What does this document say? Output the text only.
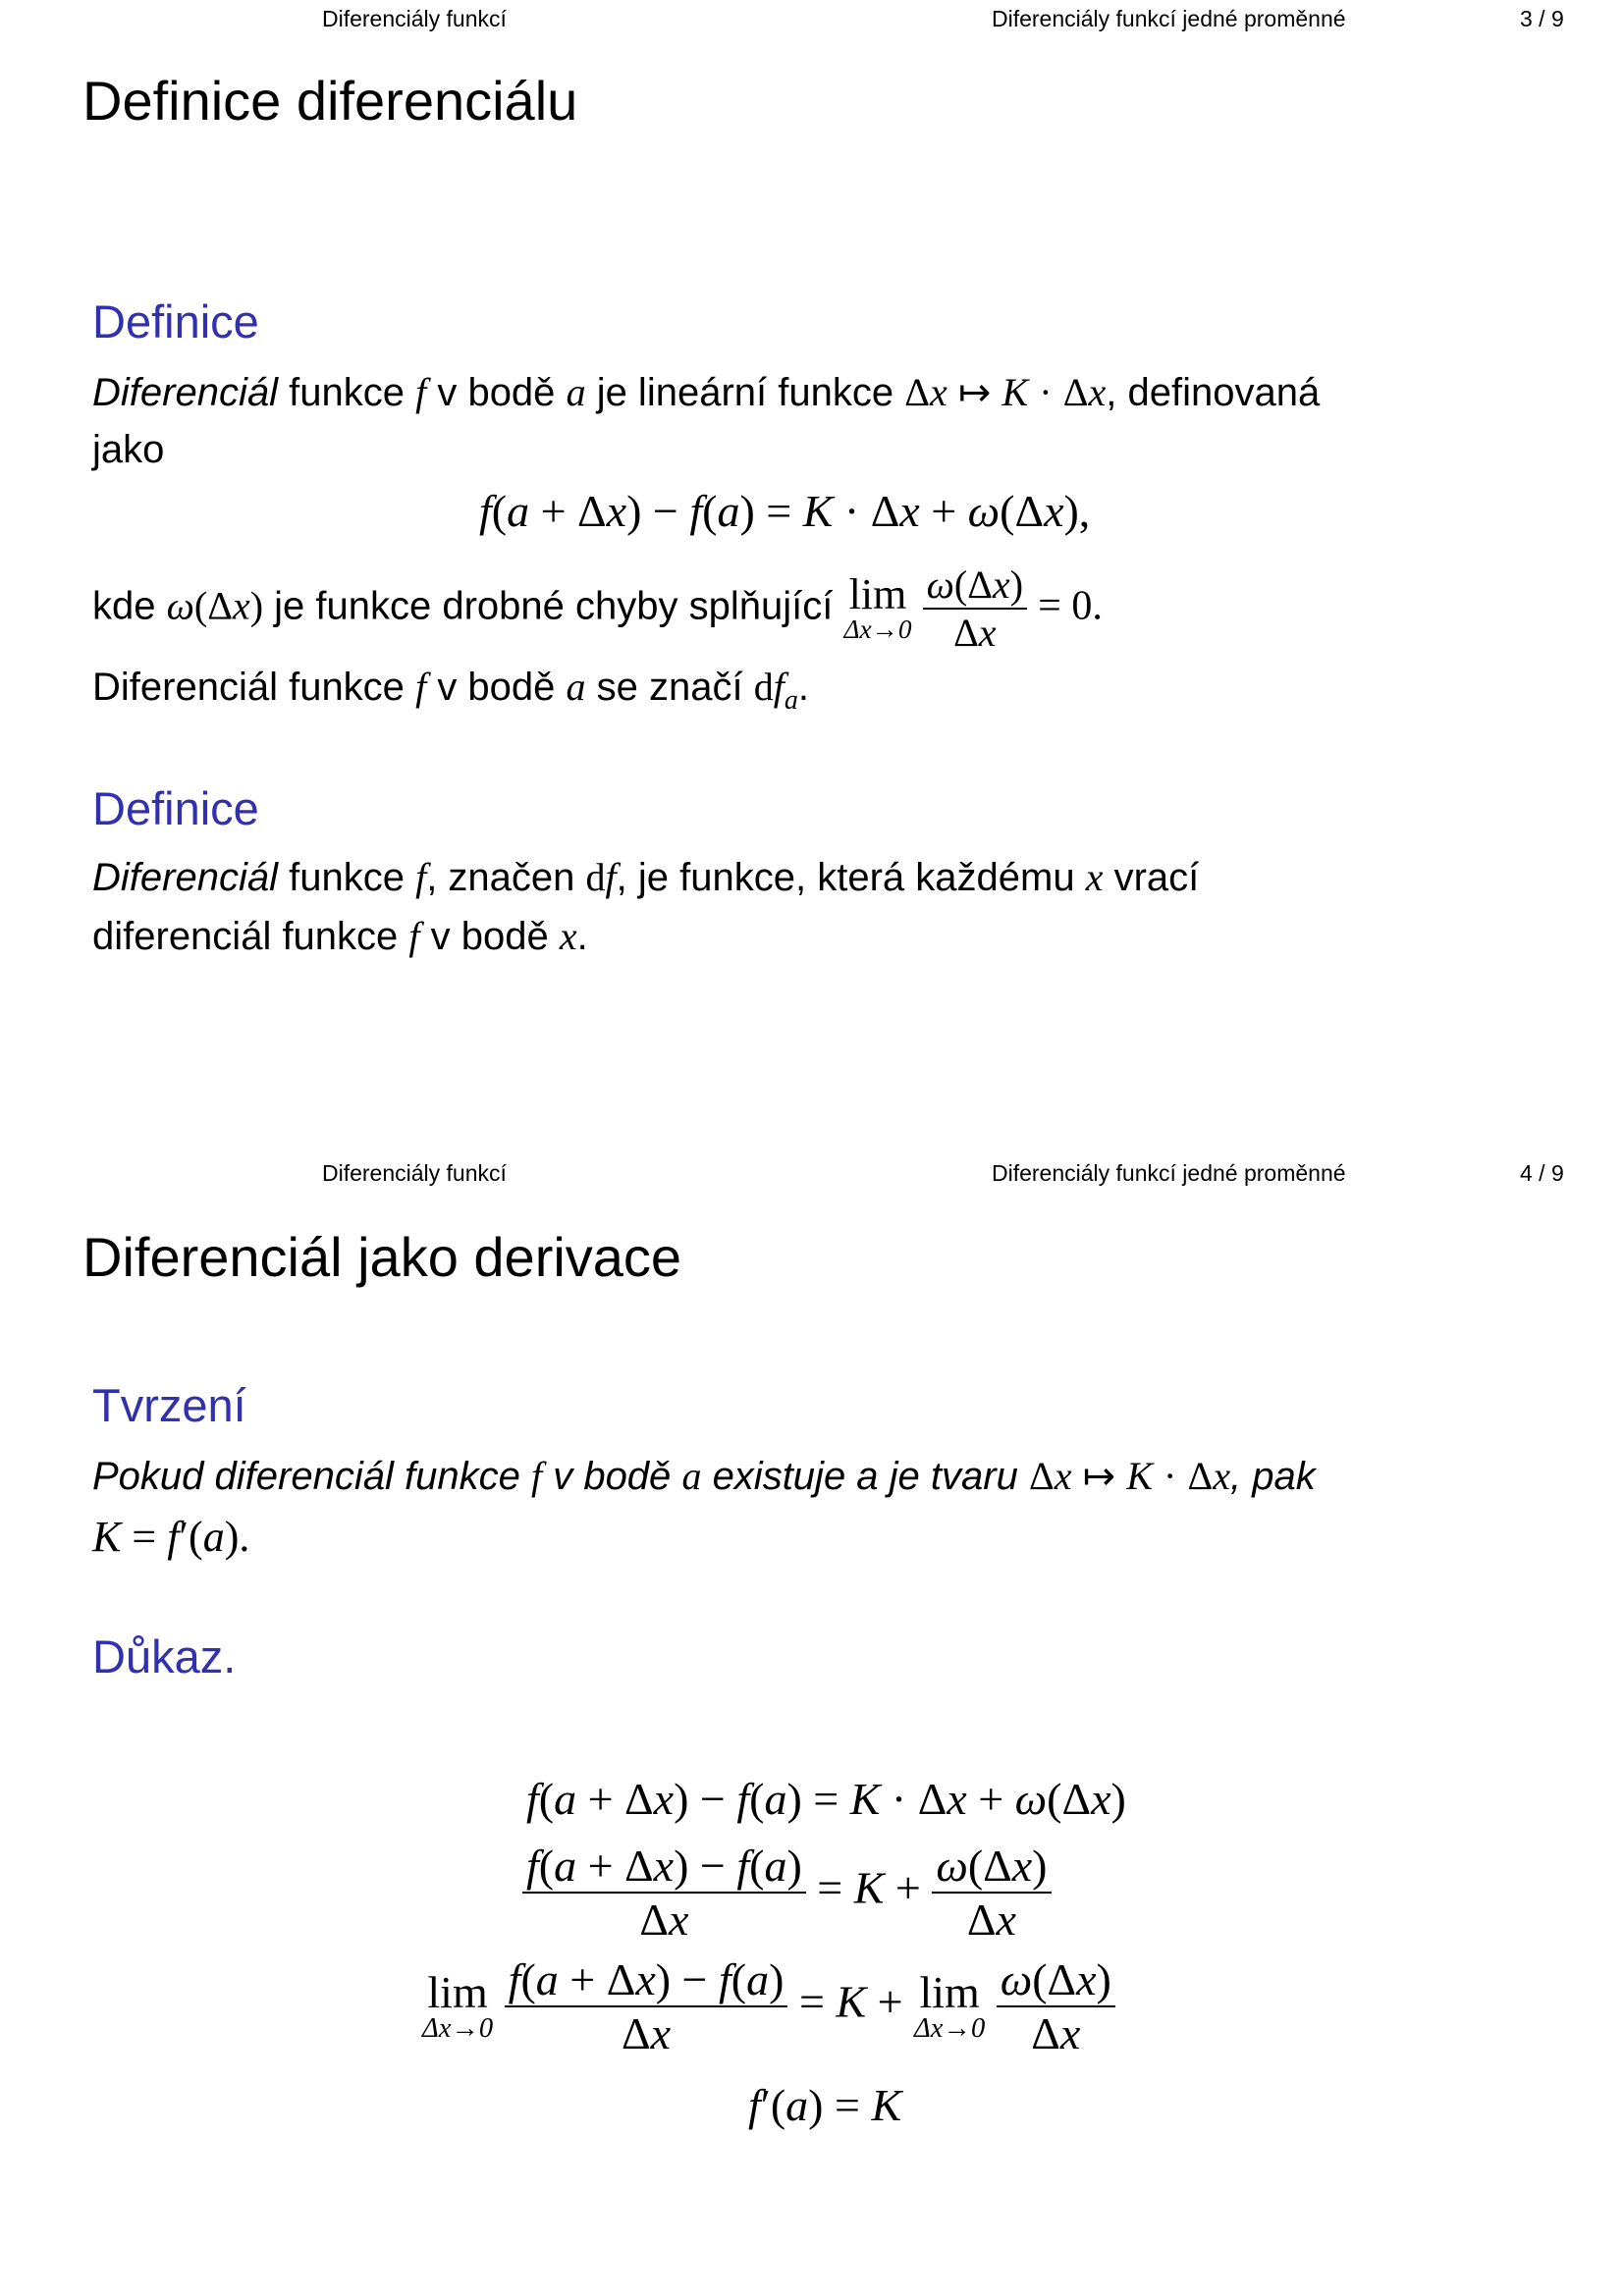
Diferenciály funkcí	Diferenciály funkcí jedné proměnné	3 / 9
Definice diferenciálu
Definice
Diferenciál funkce f v bodě a je lineární funkce Δx ↦ K · Δx, definovaná
jako
f(a + Δx) − f(a) = K · Δx + ω(Δx),
kde ω(Δx) je funkce drobné chyby splňující lim
Δx→0
$\frac{\omega(\Delta x)}{\Delta x} = 0$.
Diferenciál funkce f v bodě a se značí $df_a$.
Definice
Diferenciál funkce f, značen df, je funkce, která každému x vrací
diferenciál funkce f v bodě x.
Diferenciály funkcí	Diferenciály funkcí jedné proměnné	4 / 9
Diferenciál jako derivace
Tvrzení
Pokud diferenciál funkce f v bodě a existuje a je tvaru Δx ↦ K · Δx, pak
K = f′(a).
Důkaz.
f(a + Δx) − f(a) = K · Δx + ω(Δx)
$\frac{f(a + \Delta x) - f(a)}{\Delta x} = K + \frac{\omega(\Delta x)}{\Delta x}$
lim
Δx→0
$\frac{f(a + \Delta x) - f(a)}{\Delta x} = K + \lim$
Δx→0
$\frac{\omega(\Delta x)}{\Delta x}$
f′(a) = K
